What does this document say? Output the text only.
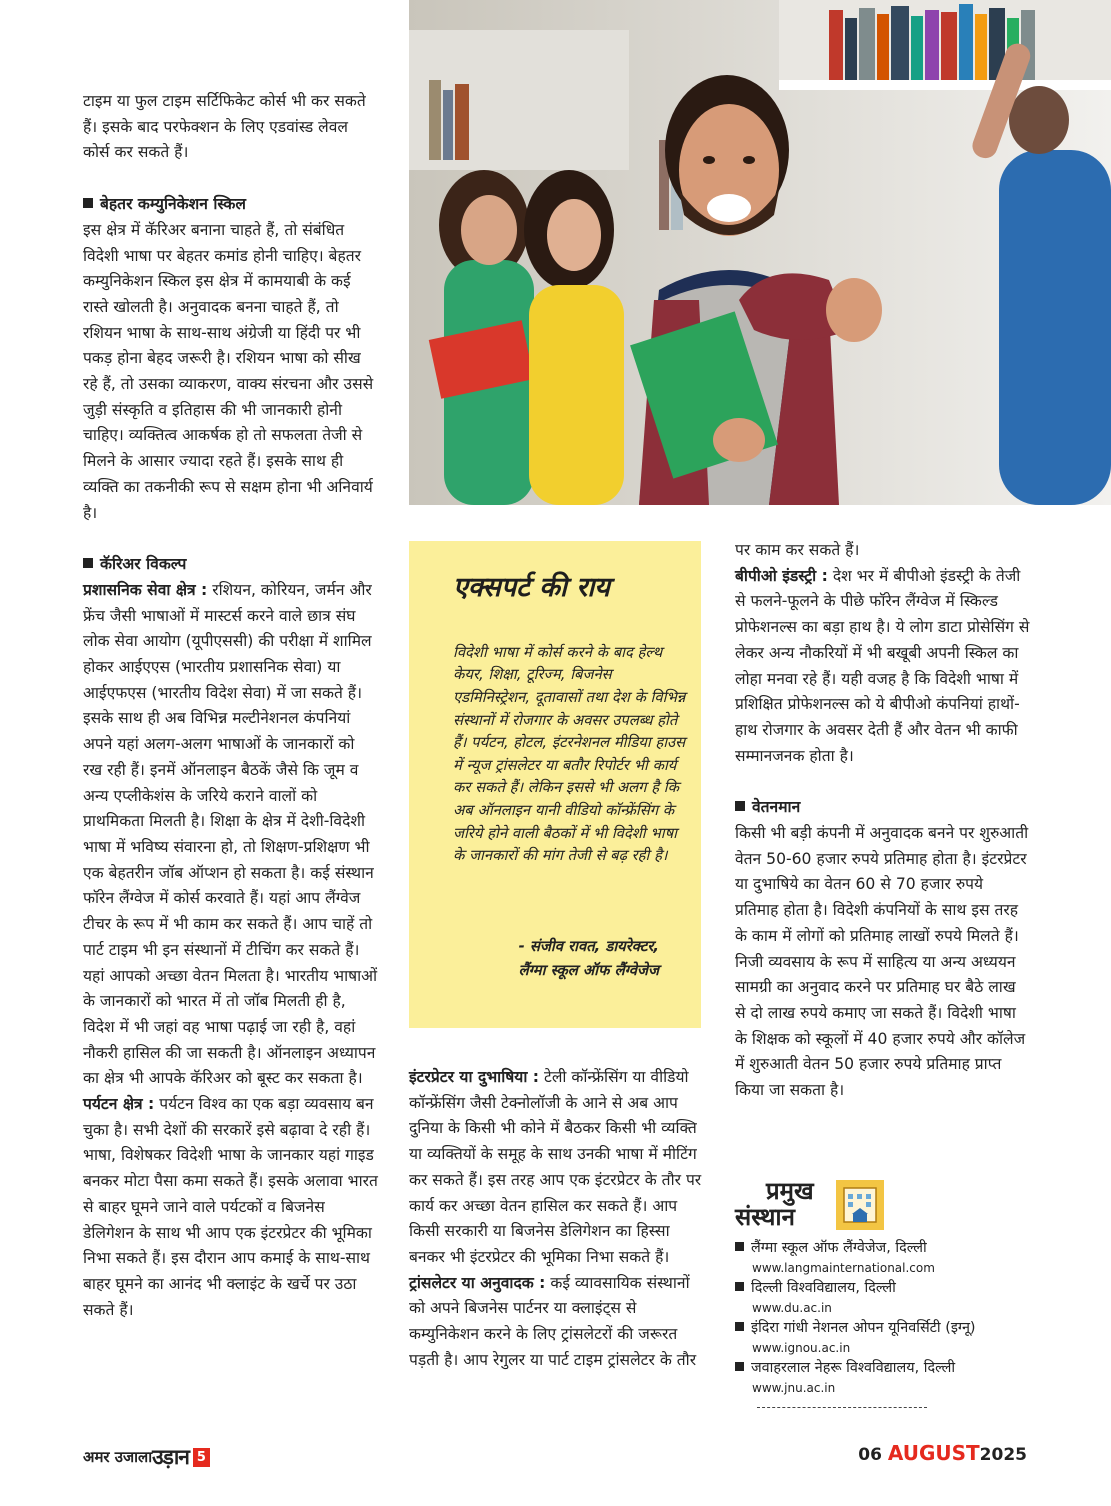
टाइम या फुल टाइम सर्टिफिकेट कोर्स भी कर सकते हैं। इसके बाद परफेक्शन के लिए एडवांस्ड लेवल कोर्स कर सकते हैं।

बेहतर कम्युनिकेशन स्किल

इस क्षेत्र में कॅरिअर बनाना चाहते हैं, तो संबंधित विदेशी भाषा पर बेहतर कमांड होनी चाहिए। बेहतर कम्युनिकेशन स्किल इस क्षेत्र में कामयाबी के कई रास्ते खोलती है। अनुवादक बनना चाहते हैं, तो रशियन भाषा के साथ-साथ अंग्रेजी या हिंदी पर भी पकड़ होना बेहद जरूरी है। रशियन भाषा को सीख रहे हैं, तो उसका व्याकरण, वाक्य संरचना और उससे जुड़ी संस्कृति व इतिहास की भी जानकारी होनी चाहिए। व्यक्तित्व आकर्षक हो तो सफलता तेजी से मिलने के आसार ज्यादा रहते हैं। इसके साथ ही व्यक्ति का तकनीकी रूप से सक्षम होना भी अनिवार्य है।

कॅरिअर विकल्प

प्रशासनिक सेवा क्षेत्र : रशियन, कोरियन, जर्मन और फ्रेंच जैसी भाषाओं में मास्टर्स करने वाले छात्र संघ लोक सेवा आयोग (यूपीएससी) की परीक्षा में शामिल होकर आईएएस (भारतीय प्रशासनिक सेवा) या आईएफएस (भारतीय विदेश सेवा) में जा सकते हैं। इसके साथ ही अब विभिन्न मल्टीनेशनल कंपनियां अपने यहां अलग-अलग भाषाओं के जानकारों को रख रही हैं। इनमें ऑनलाइन बैठकें जैसे कि जूम व अन्य एप्लीकेशंस के जरिये कराने वालों को प्राथमिकता मिलती है। शिक्षा के क्षेत्र में देशी-विदेशी भाषा में भविष्य संवारना हो, तो शिक्षण-प्रशिक्षण भी एक बेहतरीन जॉब ऑप्शन हो सकता है। कई संस्थान फॉरेन लैंग्वेज में कोर्स करवाते हैं। यहां आप लैंग्वेज टीचर के रूप में भी काम कर सकते हैं। आप चाहें तो पार्ट टाइम भी इन संस्थानों में टीचिंग कर सकते हैं। यहां आपको अच्छा वेतन मिलता है। भारतीय भाषाओं के जानकारों को भारत में तो जॉब मिलती ही है, विदेश में भी जहां वह भाषा पढ़ाई जा रही है, वहां नौकरी हासिल की जा सकती है। ऑनलाइन अध्यापन का क्षेत्र भी आपके कॅरिअर को बूस्ट कर सकता है।

पर्यटन क्षेत्र : पर्यटन विश्व का एक बड़ा व्यवसाय बन चुका है। सभी देशों की सरकारें इसे बढ़ावा दे रही हैं। भाषा, विशेषकर विदेशी भाषा के जानकार यहां गाइड बनकर मोटा पैसा कमा सकते हैं। इसके अलावा भारत से बाहर घूमने जाने वाले पर्यटकों व बिजनेस डेलिगेशन के साथ भी आप एक इंटरप्रेटर की भूमिका निभा सकते हैं। इस दौरान आप कमाई के साथ-साथ बाहर घूमने का आनंद भी क्लाइंट के खर्चे पर उठा सकते हैं।

एक्सपर्ट की राय

विदेशी भाषा में कोर्स करने के बाद हेल्थ केयर, शिक्षा, टूरिज्म, बिजनेस एडमिनिस्ट्रेशन, दूतावासों तथा देश के विभिन्न संस्थानों में रोजगार के अवसर उपलब्ध होते हैं। पर्यटन, होटल, इंटरनेशनल मीडिया हाउस में न्यूज ट्रांसलेटर या बतौर रिपोर्टर भी कार्य कर सकते हैं। लेकिन इससे भी अलग है कि अब ऑनलाइन यानी वीडियो कॉन्फ्रेंसिंग के जरिये होने वाली बैठकों में भी विदेशी भाषा के जानकारों की मांग तेजी से बढ़ रही है।

- संजीव रावत, डायरेक्टर,
लैंग्मा स्कूल ऑफ लैंग्वेजेज

इंटरप्रेटर या दुभाषिया : टेली कॉन्फ्रेंसिंग या वीडियो कॉन्फ्रेंसिंग जैसी टेक्नोलॉजी के आने से अब आप दुनिया के किसी भी कोने में बैठकर किसी भी व्यक्ति या व्यक्तियों के समूह के साथ उनकी भाषा में मीटिंग कर सकते हैं। इस तरह आप एक इंटरप्रेटर के तौर पर कार्य कर अच्छा वेतन हासिल कर सकते हैं। आप किसी सरकारी या बिजनेस डेलिगेशन का हिस्सा बनकर भी इंटरप्रेटर की भूमिका निभा सकते हैं।

ट्रांसलेटर या अनुवादक : कई व्यावसायिक संस्थानों को अपने बिजनेस पार्टनर या क्लाइंट्स से कम्युनिकेशन करने के लिए ट्रांसलेटरों की जरूरत पड़ती है। आप रेगुलर या पार्ट टाइम ट्रांसलेटर के तौर

पर काम कर सकते हैं।

बीपीओ इंडस्ट्री : देश भर में बीपीओ इंडस्ट्री के तेजी से फलने-फूलने के पीछे फॉरेन लैंग्वेज में स्किल्ड प्रोफेशनल्स का बड़ा हाथ है। ये लोग डाटा प्रोसेसिंग से लेकर अन्य नौकरियों में भी बखूबी अपनी स्किल का लोहा मनवा रहे हैं। यही वजह है कि विदेशी भाषा में प्रशिक्षित प्रोफेशनल्स को ये बीपीओ कंपनियां हाथों-हाथ रोजगार के अवसर देती हैं और वेतन भी काफी सम्मानजनक होता है।

वेतनमान

किसी भी बड़ी कंपनी में अनुवादक बनने पर शुरुआती वेतन 50-60 हजार रुपये प्रतिमाह होता है। इंटरप्रेटर या दुभाषिये का वेतन 60 से 70 हजार रुपये प्रतिमाह होता है। विदेशी कंपनियों के साथ इस तरह के काम में लोगों को प्रतिमाह लाखों रुपये मिलते हैं। निजी व्यवसाय के रूप में साहित्य या अन्य अध्ययन सामग्री का अनुवाद करने पर प्रतिमाह घर बैठे लाख से दो लाख रुपये कमाए जा सकते हैं। विदेशी भाषा के शिक्षक को स्कूलों में 40 हजार रुपये और कॉलेज में शुरुआती वेतन 50 हजार रुपये प्रतिमाह प्राप्त किया जा सकता है।

प्रमुख
संस्थान
लैंग्मा स्कूल ऑफ लैंग्वेजेज, दिल्ली
www.langmainternational.com
दिल्ली विश्वविद्यालय, दिल्ली
www.du.ac.in
इंदिरा गांधी नेशनल ओपन यूनिवर्सिटी (इग्नू)
www.ignou.ac.in
जवाहरलाल नेहरू विश्वविद्यालय, दिल्ली
www.jnu.ac.in
अमर उजालाउड़ान 5	06 AUGUST2025
